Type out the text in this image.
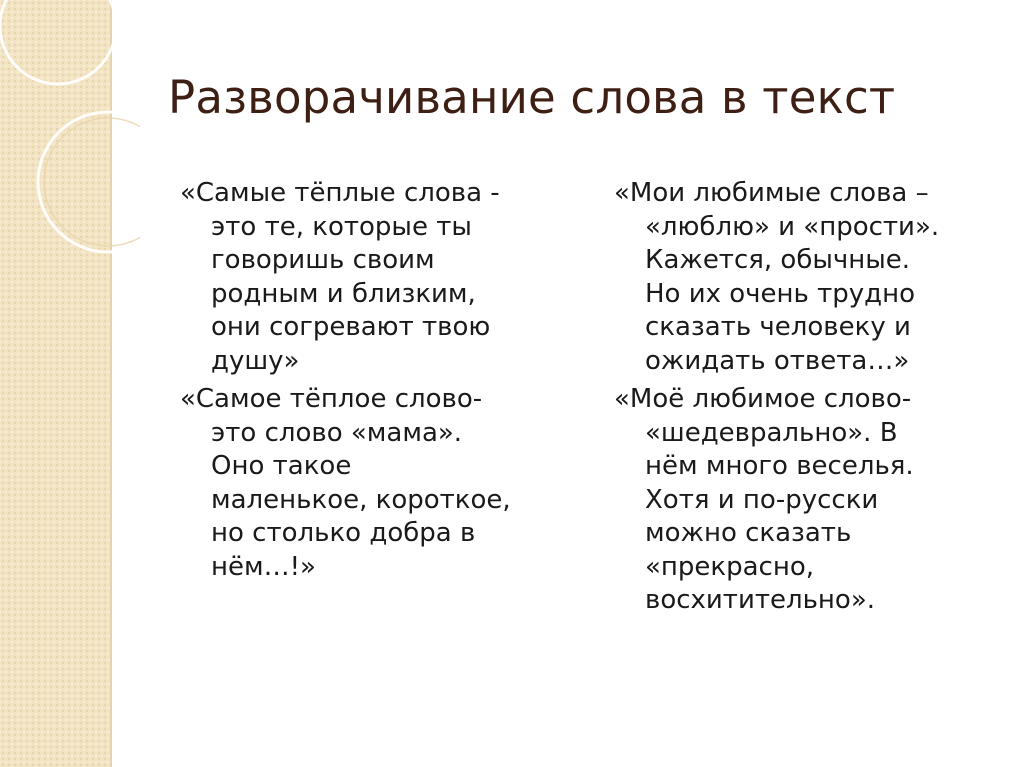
Разворачивание слова в текст
«Самые тёплые слова -
это те, которые ты
говоришь своим
родным и близким,
они согревают твою
душу»
«Самое тёплое слово-
это слово «мама».
Оно такое
маленькое, короткое,
но столько добра в
нём…!»
«Мои любимые слова –
«люблю» и «прости».
Кажется, обычные.
Но их очень трудно
сказать человеку и
ожидать ответа…»
«Моё любимое слово-
«шедеврально». В
нём много веселья.
Хотя и по-русски
можно сказать
«прекрасно,
восхитительно».
